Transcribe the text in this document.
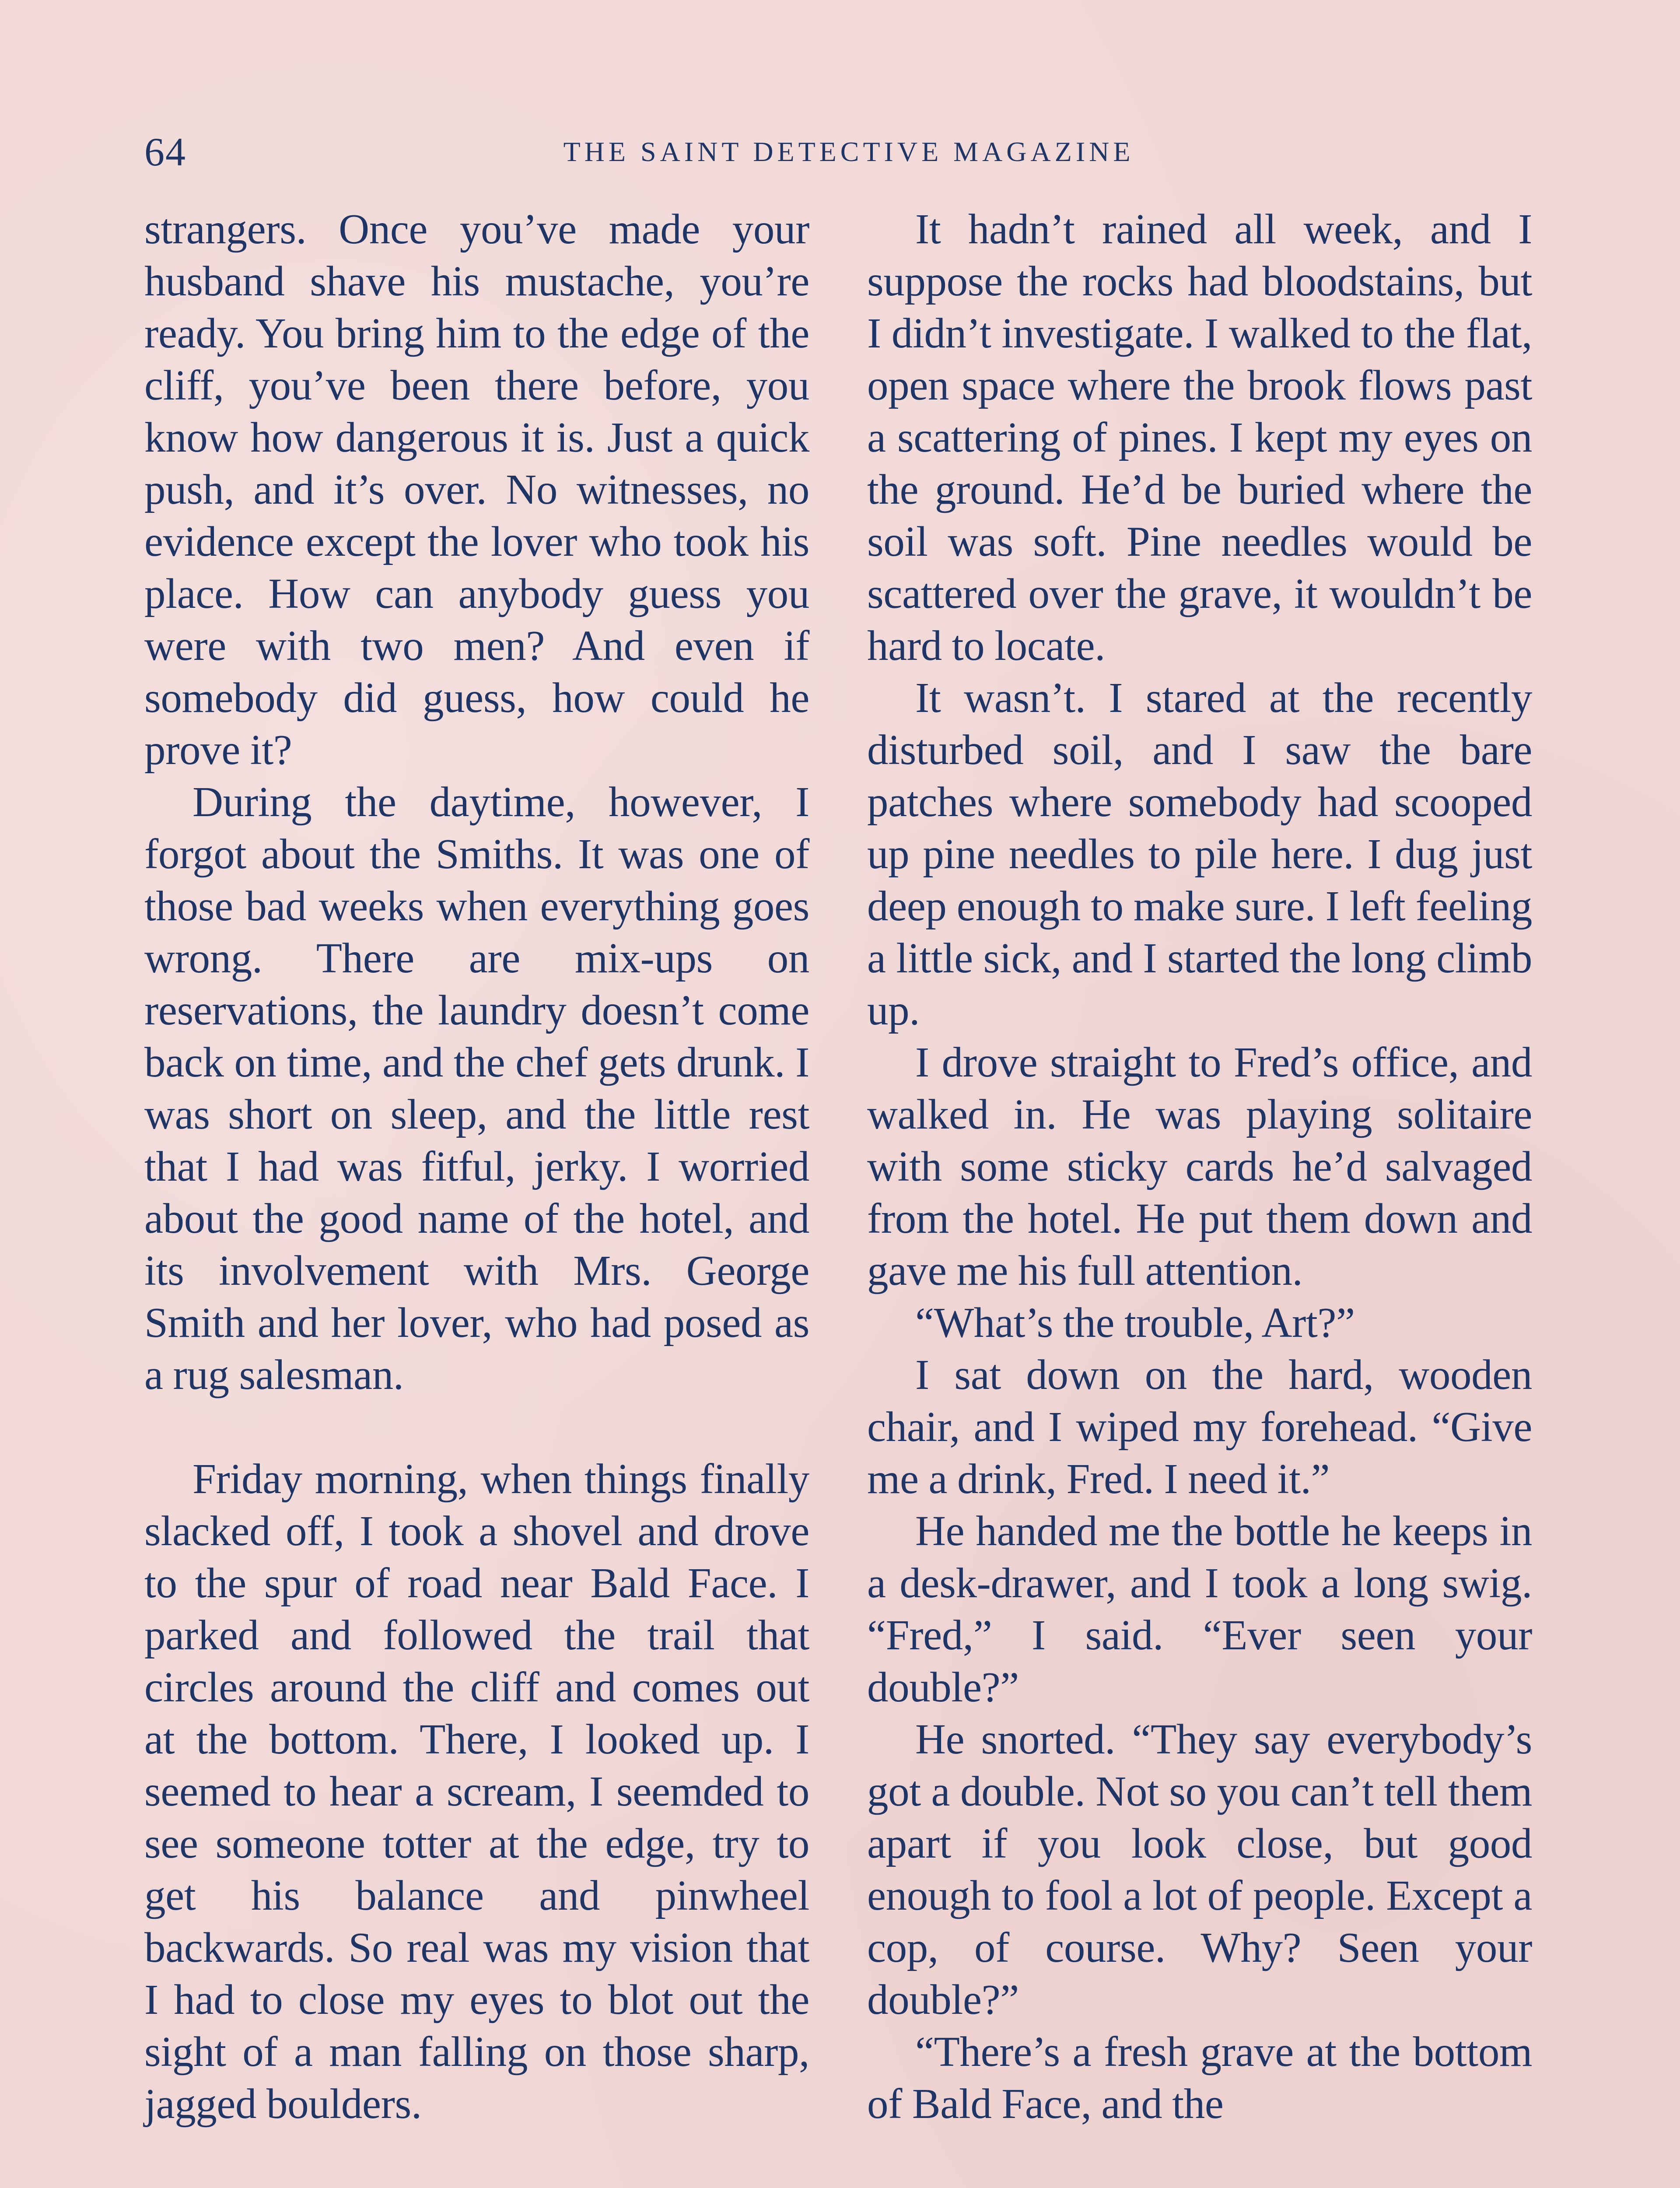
64	THE SAINT DETECTIVE MAGAZINE

strangers. Once you’ve made your husband shave his mustache, you’re ready. You bring him to the edge of the cliff, you’ve been there before, you know how dangerous it is. Just a quick push, and it’s over. No witnesses, no evidence except the lover who took his place. How can anybody guess you were with two men? And even if somebody did guess, how could he prove it?

During the daytime, however, I forgot about the Smiths. It was one of those bad weeks when everything goes wrong. There are mix-ups on reservations, the laundry doesn’t come back on time, and the chef gets drunk. I was short on sleep, and the little rest that I had was fitful, jerky. I worried about the good name of the hotel, and its involvement with Mrs. George Smith and her lover, who had posed as a rug salesman.

Friday morning, when things finally slacked off, I took a shovel and drove to the spur of road near Bald Face. I parked and followed the trail that circles around the cliff and comes out at the bottom. There, I looked up. I seemed to hear a scream, I seemded to see someone totter at the edge, try to get his balance and pinwheel backwards. So real was my vision that I had to close my eyes to blot out the sight of a man falling on those sharp, jagged boulders.

It hadn’t rained all week, and I suppose the rocks had bloodstains, but I didn’t investigate. I walked to the flat, open space where the brook flows past a scattering of pines. I kept my eyes on the ground. He’d be buried where the soil was soft. Pine needles would be scattered over the grave, it wouldn’t be hard to locate.

It wasn’t. I stared at the recently disturbed soil, and I saw the bare patches where somebody had scooped up pine needles to pile here. I dug just deep enough to make sure. I left feeling a little sick, and I started the long climb up.

I drove straight to Fred’s office, and walked in. He was playing solitaire with some sticky cards he’d salvaged from the hotel. He put them down and gave me his full attention.

“What’s the trouble, Art?”

I sat down on the hard, wooden chair, and I wiped my forehead. “Give me a drink, Fred. I need it.”

He handed me the bottle he keeps in a desk-drawer, and I took a long swig. “Fred,” I said. “Ever seen your double?”

He snorted. “They say everybody’s got a double. Not so you can’t tell them apart if you look close, but good enough to fool a lot of people. Except a cop, of course. Why? Seen your double?”

“There’s a fresh grave at the bottom of Bald Face, and the
